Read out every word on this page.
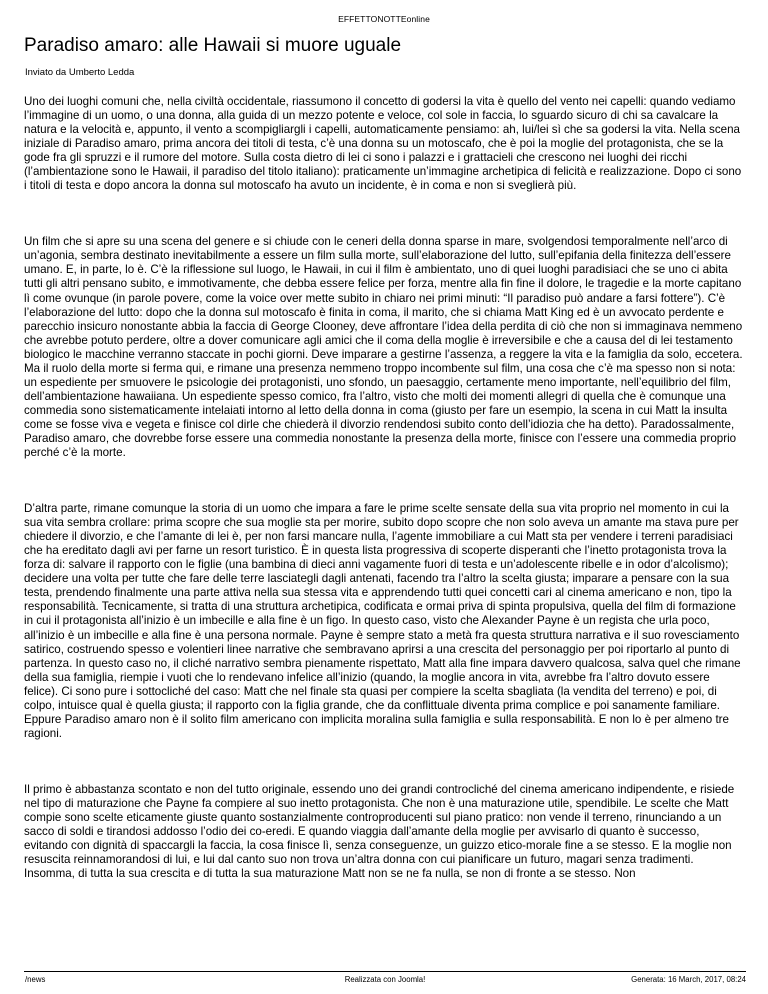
EFFETTONOTTEonline
Paradiso amaro: alle Hawaii si muore uguale
Inviato da Umberto Ledda

Uno dei luoghi comuni che, nella civiltà occidentale, riassumono il concetto di godersi la vita è quello del vento nei capelli: quando vediamo l’immagine di un uomo, o una donna, alla guida di un mezzo potente e veloce, col sole in faccia, lo sguardo sicuro di chi sa cavalcare la natura e la velocità e, appunto, il vento a scompigliargli i capelli, automaticamente pensiamo: ah, lui/lei sì che sa godersi la vita. Nella scena iniziale di Paradiso amaro, prima ancora dei titoli di testa, c’è una donna su un motoscafo, che è poi la moglie del protagonista, che se la gode fra gli spruzzi e il rumore del motore. Sulla costa dietro di lei ci sono i palazzi e i grattacieli che crescono nei luoghi dei ricchi (l’ambientazione sono le Hawaii, il paradiso del titolo italiano): praticamente un’immagine archetipica di felicità e realizzazione. Dopo ci sono i titoli di testa e dopo ancora la donna sul motoscafo ha avuto un incidente, è in coma e non si sveglierà più.

Un film che si apre su una scena del genere e si chiude con le ceneri della donna sparse in mare, svolgendosi temporalmente nell’arco di un’agonia, sembra destinato inevitabilmente a essere un film sulla morte, sull’elaborazione del lutto, sull’epifania della finitezza dell’essere umano. E, in parte, lo è. C’è la riflessione sul luogo, le Hawaii, in cui il film è ambientato, uno di quei luoghi paradisiaci che se uno ci abita tutti gli altri pensano subito, e immotivamente, che debba essere felice per forza, mentre alla fin fine il dolore, le tragedie e la morte capitano lì come ovunque (in parole povere, come la voice over mette subito in chiaro nei primi minuti: “Il paradiso può andare a farsi fottere”). C’è l’elaborazione del lutto: dopo che la donna sul motoscafo è finita in coma, il marito, che si chiama Matt King ed è un avvocato perdente e parecchio insicuro nonostante abbia la faccia di George Clooney, deve affrontare l’idea della perdita di ciò che non si immaginava nemmeno che avrebbe potuto perdere, oltre a dover comunicare agli amici che il coma della moglie è irreversibile e che a causa del di lei testamento biologico le macchine verranno staccate in pochi giorni. Deve imparare a gestirne l’assenza, a reggere la vita e la famiglia da solo, eccetera. Ma il ruolo della morte si ferma qui, e rimane una presenza nemmeno troppo incombente sul film, una cosa che c’è ma spesso non si nota: un espediente per smuovere le psicologie dei protagonisti, uno sfondo, un paesaggio, certamente meno importante, nell’equilibrio del film, dell’ambientazione hawaiiana. Un espediente spesso comico, fra l’altro, visto che molti dei momenti allegri di quella che è comunque una commedia sono sistematicamente intelaiati intorno al letto della donna in coma (giusto per fare un esempio, la scena in cui Matt la insulta come se fosse viva e vegeta e finisce col dirle che chiederà il divorzio rendendosi subito conto dell’idiozia che ha detto). Paradossalmente, Paradiso amaro, che dovrebbe forse essere una commedia nonostante la presenza della morte, finisce con l’essere una commedia proprio perché c’è la morte.

D’altra parte, rimane comunque la storia di un uomo che impara a fare le prime scelte sensate della sua vita proprio nel momento in cui la sua vita sembra crollare: prima scopre che sua moglie sta per morire, subito dopo scopre che non solo aveva un amante ma stava pure per chiedere il divorzio, e che l’amante di lei è, per non farsi mancare nulla, l’agente immobiliare a cui Matt sta per vendere i terreni paradisiaci che ha ereditato dagli avi per farne un resort turistico. È in questa lista progressiva di scoperte disperanti che l’inetto protagonista trova la forza di: salvare il rapporto con le figlie (una bambina di dieci anni vagamente fuori di testa e un’adolescente ribelle e in odor d’alcolismo); decidere una volta per tutte che fare delle terre lasciategli dagli antenati, facendo tra l’altro la scelta giusta; imparare a pensare con la sua testa, prendendo finalmente una parte attiva nella sua stessa vita e apprendendo tutti quei concetti cari al cinema americano e non, tipo la responsabilità. Tecnicamente, si tratta di una struttura archetipica, codificata e ormai priva di spinta propulsiva, quella del film di formazione in cui il protagonista all’inizio è un imbecille e alla fine è un figo. In questo caso, visto che Alexander Payne è un regista che urla poco, all’inizio è un imbecille e alla fine è una persona normale. Payne è sempre stato a metà fra questa struttura narrativa e il suo rovesciamento satirico, costruendo spesso e volentieri linee narrative che sembravano aprirsi a una crescita del personaggio per poi riportarlo al punto di partenza. In questo caso no, il cliché narrativo sembra pienamente rispettato, Matt alla fine impara davvero qualcosa, salva quel che rimane della sua famiglia, riempie i vuoti che lo rendevano infelice all’inizio (quando, la moglie ancora in vita, avrebbe fra l’altro dovuto essere felice). Ci sono pure i sottocliché del caso: Matt che nel finale sta quasi per compiere la scelta sbagliata (la vendita del terreno) e poi, di colpo, intuisce qual è quella giusta; il rapporto con la figlia grande, che da conflittuale diventa prima complice e poi sanamente familiare. Eppure Paradiso amaro non è il solito film americano con implicita moralina sulla famiglia e sulla responsabilità. E non lo è per almeno tre ragioni.

Il primo è abbastanza scontato e non del tutto originale, essendo uno dei grandi controcliché del cinema americano indipendente, e risiede nel tipo di maturazione che Payne fa compiere al suo inetto protagonista. Che non è una maturazione utile, spendibile. Le scelte che Matt compie sono scelte eticamente giuste quanto sostanzialmente controproducenti sul piano pratico: non vende il terreno, rinunciando a un sacco di soldi e tirandosi addosso l’odio dei co-eredi. E quando viaggia dall’amante della moglie per avvisarlo di quanto è successo, evitando con dignità di spaccargli la faccia, la cosa finisce lì, senza conseguenze, un guizzo etico-morale fine a se stesso. E la moglie non resuscita reinnamorandosi di lui, e lui dal canto suo non trova un’altra donna con cui pianificare un futuro, magari senza tradimenti. Insomma, di tutta la sua crescita e di tutta la sua maturazione Matt non se ne fa nulla, se non di fronte a se stesso. Non

Realizzata con Joomla!
/news	Generata: 16 March, 2017, 08:24
